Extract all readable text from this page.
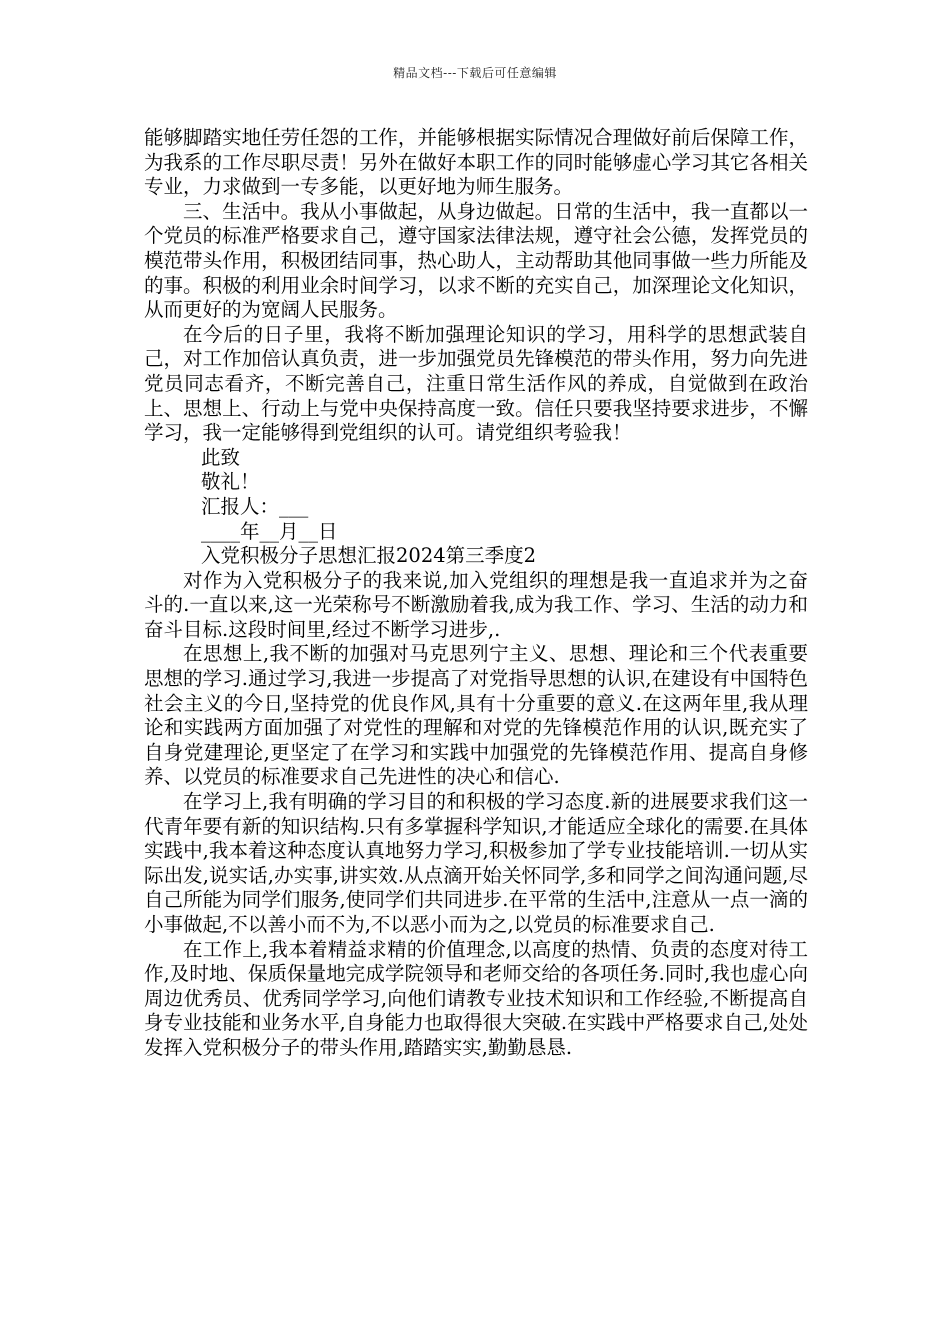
精品文档---下载后可任意编辑

能够脚踏实地任劳任怨的工作，并能够根据实际情况合理做好前后保障工作，为我系的工作尽职尽责！另外在做好本职工作的同时能够虚心学习其它各相关专业，力求做到一专多能，以更好地为师生服务。

三、生活中。我从小事做起，从身边做起。日常的生活中，我一直都以一个党员的标准严格要求自己，遵守国家法律法规，遵守社会公德，发挥党员的模范带头作用，积极团结同事，热心助人，主动帮助其他同事做一些力所能及的事。积极的利用业余时间学习，以求不断的充实自己，加深理论文化知识，从而更好的为宽阔人民服务。

在今后的日子里，我将不断加强理论知识的学习，用科学的思想武装自己，对工作加倍认真负责，进一步加强党员先锋模范的带头作用，努力向先进党员同志看齐，不断完善自己，注重日常生活作风的养成，自觉做到在政治上、思想上、行动上与党中央保持高度一致。信任只要我坚持要求进步，不懈学习，我一定能够得到党组织的认可。请党组织考验我！

此致

敬礼！

汇报人：___

____年__月__日

入党积极分子思想汇报2024第三季度2

对作为入党积极分子的我来说,加入党组织的理想是我一直追求并为之奋斗的.一直以来,这一光荣称号不断激励着我,成为我工作、学习、生活的动力和奋斗目标.这段时间里,经过不断学习进步,.

在思想上,我不断的加强对马克思列宁主义、思想、理论和三个代表重要思想的学习.通过学习,我进一步提高了对党指导思想的认识,在建设有中国特色社会主义的今日,坚持党的优良作风,具有十分重要的意义.在这两年里,我从理论和实践两方面加强了对党性的理解和对党的先锋模范作用的认识,既充实了自身党建理论,更坚定了在学习和实践中加强党的先锋模范作用、提高自身修养、以党员的标准要求自己先进性的决心和信心.

在学习上,我有明确的学习目的和积极的学习态度.新的进展要求我们这一代青年要有新的知识结构.只有多掌握科学知识,才能适应全球化的需要.在具体实践中,我本着这种态度认真地努力学习,积极参加了学专业技能培训.一切从实际出发,说实话,办实事,讲实效.从点滴开始关怀同学,多和同学之间沟通问题,尽自己所能为同学们服务,使同学们共同进步.在平常的生活中,注意从一点一滴的小事做起,不以善小而不为,不以恶小而为之,以党员的标准要求自己.

在工作上,我本着精益求精的价值理念,以高度的热情、负责的态度对待工作,及时地、保质保量地完成学院领导和老师交给的各项任务.同时,我也虚心向周边优秀员、优秀同学学习,向他们请教专业技术知识和工作经验,不断提高自身专业技能和业务水平,自身能力也取得很大突破.在实践中严格要求自己,处处发挥入党积极分子的带头作用,踏踏实实,勤勤恳恳.
